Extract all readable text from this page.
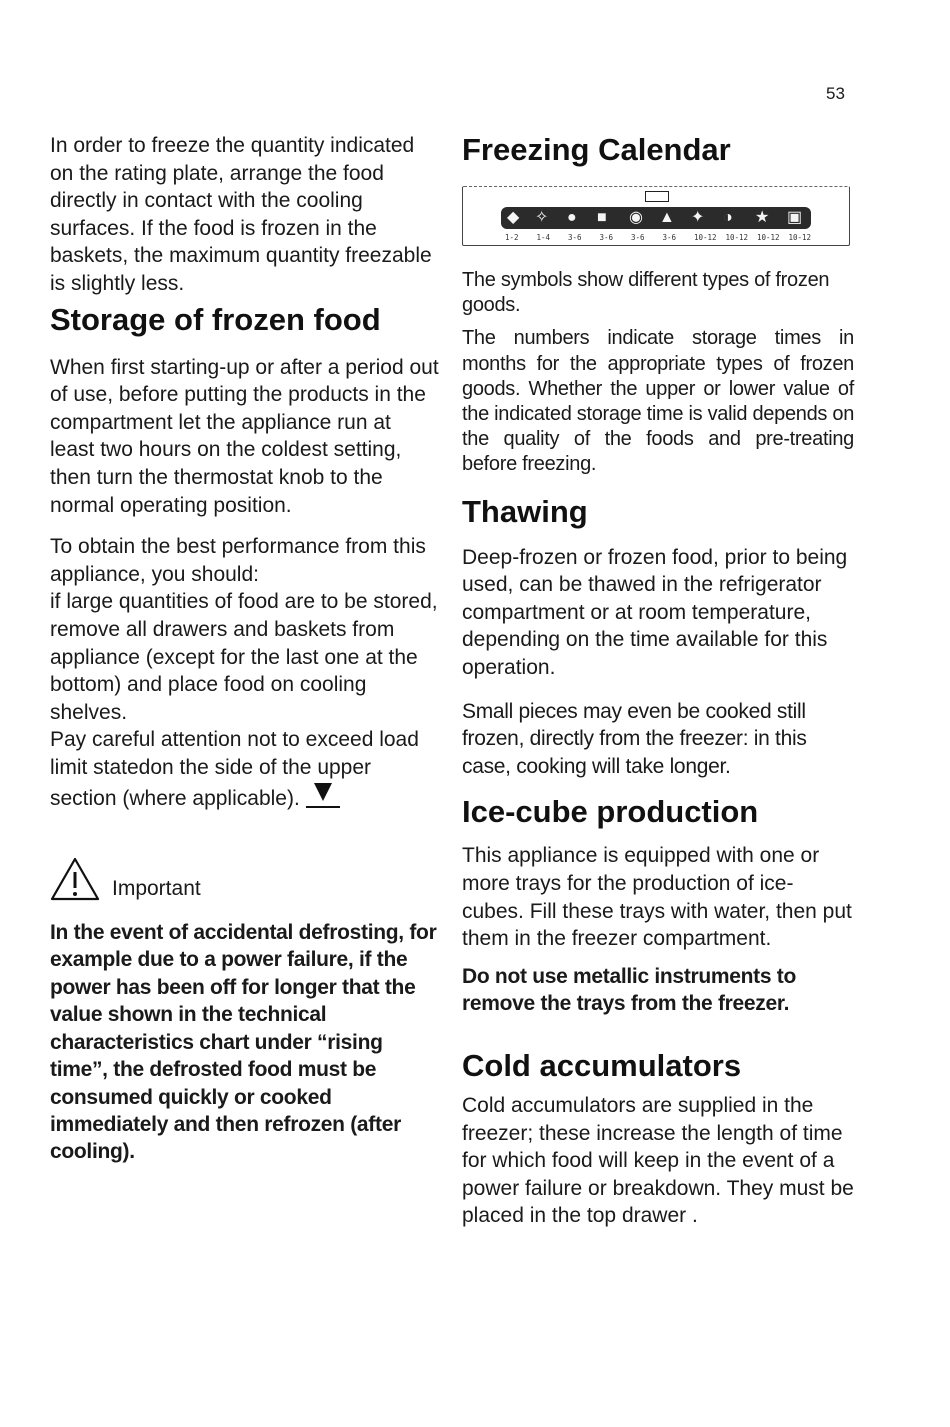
53

In order to freeze the quantity indicated on the rating plate, arrange the food directly in contact with the cooling surfaces. If the food is frozen in the baskets, the maximum quantity freezable is slightly less.

Storage of frozen food

When first starting-up or after a period out of use, before putting the products in the compartment let the appliance run at least two hours on the coldest setting, then turn the thermostat knob to the normal operating position.

To obtain the best performance from this appliance, you should:

if large quantities of food are to be stored, remove all drawers and baskets from appliance (except for the last one at the bottom) and place food on cooling shelves.

Pay careful attention not to exceed load limit statedon the side of the upper section (where applicable).

Important

In the event of accidental defrosting, for example due to a power failure, if the power has been off for longer that the value shown in the technical characteristics chart under “rising time”, the defrosted food must be consumed quickly or cooked immediately and then refrozen (after cooling).

Freezing Calendar
◆ ✧ ● ■ ◉ ▲ ✦ ◑ ★ ▣
1-2 1-4 3-6 3-6 3-6 3-6 10-12 10-12 10-12 10-12

The symbols show different types of frozen goods.

The numbers indicate storage times in months for the appropriate types of frozen goods. Whether the upper or lower value of the indicated storage time is valid depends on the quality of the foods and pre-treating before freezing.

Thawing

Deep-frozen or frozen food, prior to being used, can be thawed in the refrigerator compartment or at room temperature, depending on the time available for this operation.

Small pieces may even be cooked still frozen, directly from the freezer: in this case, cooking will take longer.

Ice-cube production

This appliance is equipped with one or more trays for the production of ice-cubes. Fill these trays with water, then put them in the freezer compartment.

Do not use metallic instruments to remove the trays from the freezer.

Cold accumulators

Cold accumulators are supplied in the freezer; these increase the length of time for which food will keep in the event of a power failure or breakdown. They must be placed in the top drawer .
